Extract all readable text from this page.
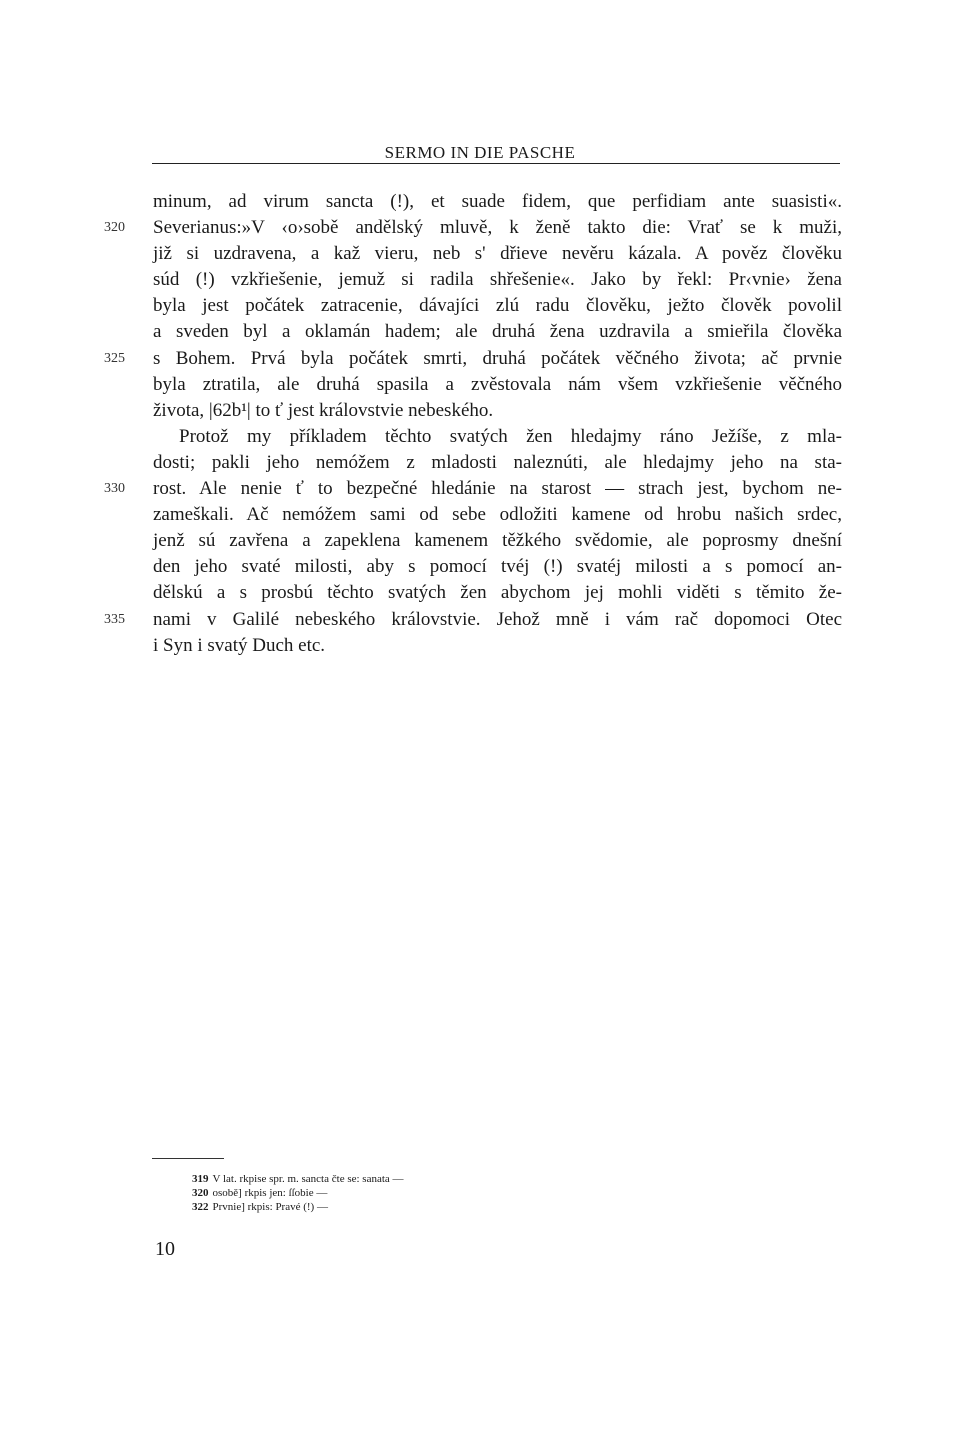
SERMO IN DIE PASCHE
minum, ad virum sancta (!), et suade fidem, que perfidiam ante suasisti«.
320	Severianus:»V ‹o›sobě andělský mluvě, k ženě takto die: Vrať se k muži,
již si uzdravena, a kaž vieru, neb s' dřieve nevěru kázala. A pověz člověku
súd (!) vzkřiešenie, jemuž si radila shřešenie«. Jako by řekl: Pr‹vnie› žena
byla jest počátek zatracenie, dávajíci zlú radu člověku, ježto člověk povolil
a sveden byl a oklamán hadem; ale druhá žena uzdravila a smieřila člověka
325	s Bohem. Prvá byla počátek smrti, druhá počátek věčného života; ač prvnie
byla ztratila, ale druhá spasila a zvěstovala nám všem vzkřiešenie věčného
života, |62b¹| to ť jest královstvie nebeského.
Protož my příkladem těchto svatých žen hledajmy ráno Ježíše, z mla-
dosti; pakli jeho nemóžem z mladosti naleznúti, ale hledajmy jeho na sta-
330	rost. Ale nenie ť to bezpečné hledánie na starost — strach jest, bychom ne-
zameškali. Ač nemóžem sami od sebe odložiti kamene od hrobu našich srdec,
jenž sú zavřena a zapeklena kamenem těžkého svědomie, ale poprosmy dnešní
den jeho svaté milosti, aby s pomocí tvéj (!) svatéj milosti a s pomocí an-
dělskú a s prosbú těchto svatých žen abychom jej mohli viděti s těmito že-
335	nami v Galilé nebeského královstvie. Jehož mně i vám rač dopomoci Otec
i Syn i svatý Duch etc.
319 V lat. rkpise spr. m. sancta čte se: sanata —
320 osobě] rkpis jen: ſſobie —
322 Prvnie] rkpis: Pravé (!) —
10
